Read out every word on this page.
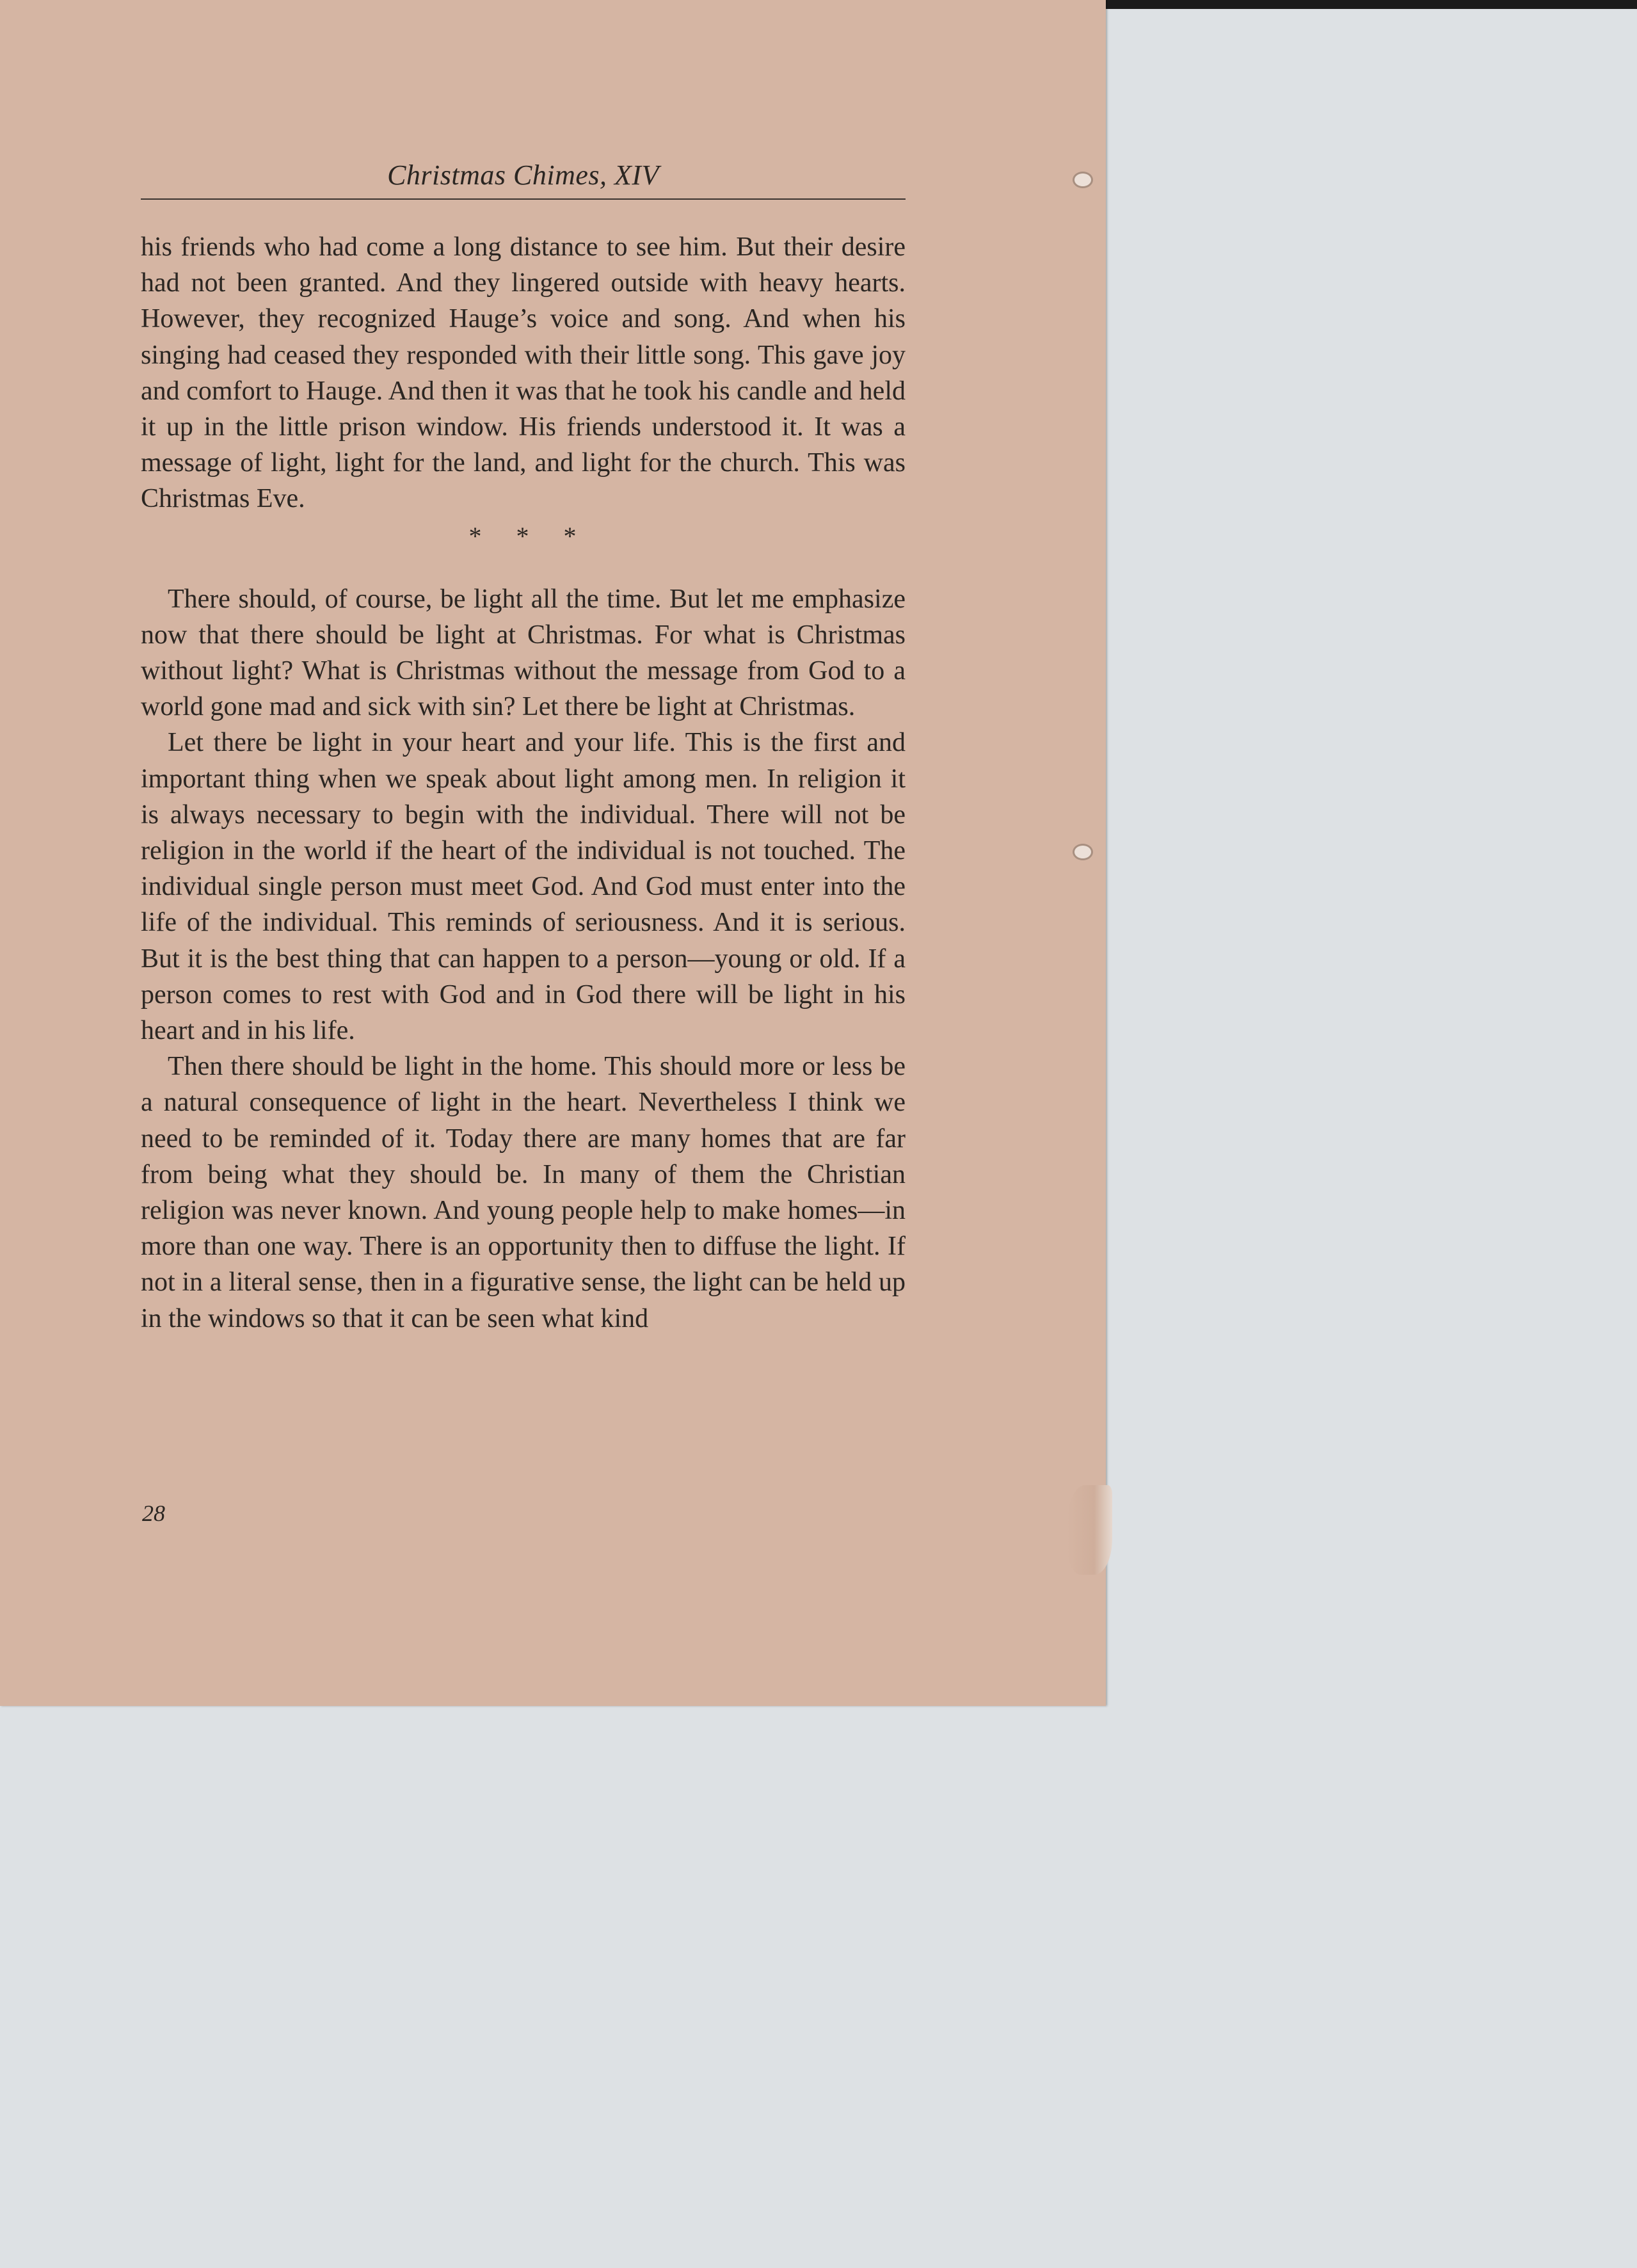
Christmas Chimes, XIV

his friends who had come a long distance to see him. But their desire had not been granted. And they lingered outside with heavy hearts. However, they recognized Hauge’s voice and song. And when his singing had ceased they responded with their little song. This gave joy and comfort to Hauge. And then it was that he took his candle and held it up in the little prison window. His friends understood it. It was a message of light, light for the land, and light for the church. This was Christmas Eve.

* * *

There should, of course, be light all the time. But let me emphasize now that there should be light at Christmas. For what is Christmas without light? What is Christmas without the message from God to a world gone mad and sick with sin? Let there be light at Christmas.

Let there be light in your heart and your life. This is the first and important thing when we speak about light among men. In religion it is always necessary to begin with the individual. There will not be religion in the world if the heart of the individual is not touched. The individual single person must meet God. And God must enter into the life of the individual. This reminds of seriousness. And it is serious. But it is the best thing that can happen to a person—young or old. If a person comes to rest with God and in God there will be light in his heart and in his life.

Then there should be light in the home. This should more or less be a natural consequence of light in the heart. Nevertheless I think we need to be reminded of it. Today there are many homes that are far from being what they should be. In many of them the Christian religion was never known. And young people help to make homes—in more than one way. There is an opportunity then to diffuse the light. If not in a literal sense, then in a figurative sense, the light can be held up in the windows so that it can be seen what kind

28
